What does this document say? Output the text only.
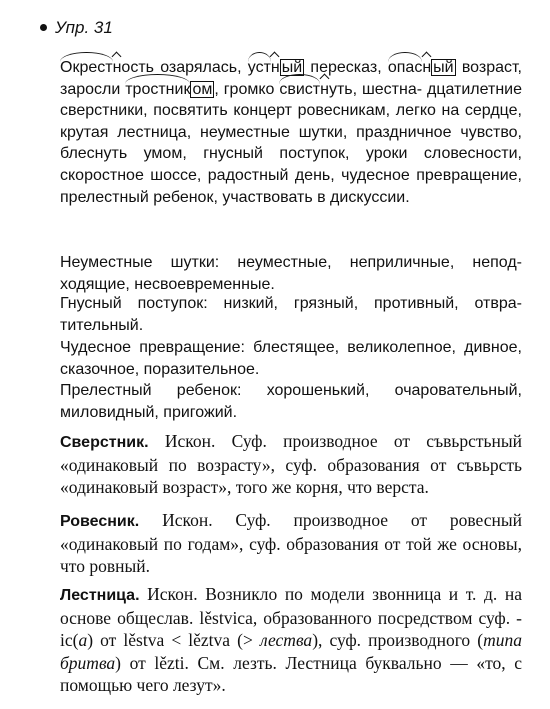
Упр. 31
Окрестность озарялась, устн ый пересказ, опасн ый возраст, заросли тростник ом , громко свистнуть, шестна- дцатилетние сверстники, посвятить концерт ровесникам, легко на сердце, крутая лестница, неуместные шутки, праздничное чувство, блеснуть умом, гнусный поступок, уроки словесности, скоростное шоссе, радостный день, чудесное превращение, прелестный ребенок, участвовать в дискуссии.
Неуместные шутки: неуместные, неприличные, неподходящие, несвоевременные.
Гнусный поступок: низкий, грязный, противный, отвратительный.
Чудесное превращение: блестящее, великолепное, дивное, сказочное, поразительное.
Прелестный ребенок: хорошенький, очаровательный, миловидный, пригожий.
Сверстник. Искон. Суф. производное от съвьрстьный «одинаковый по возрасту», суф. образования от съвьрсть «одинаковый возраст», того же корня, что верста.
Ровесник. Искон. Суф. производное от ровесный «одинаковый по годам», суф. образования от той же основы, что ровный.
Лестница. Искон. Возникло по модели звонница и т. д. на основе общеслав. lěstvica, образованного посредством суф. -ic(a) от lěstva < lěztva (> лества), суф. производного (типа бритва) от lězti. См. лезть. Лестница буквально — «то, с помощью чего лезут».
